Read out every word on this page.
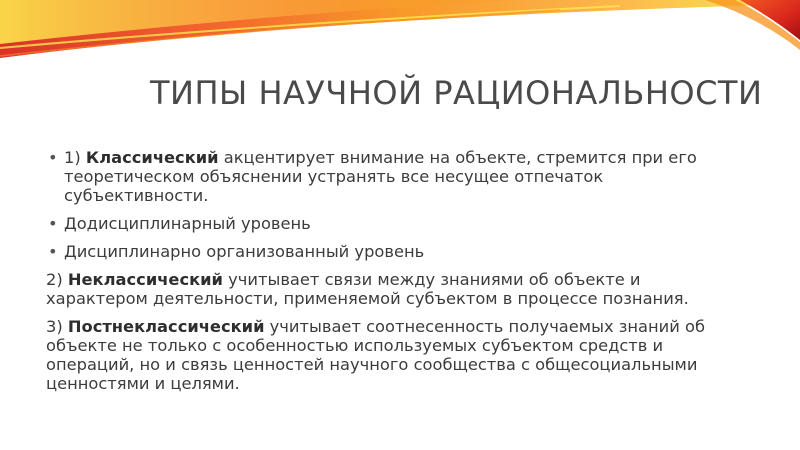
ТИПЫ НАУЧНОЙ РАЦИОНАЛЬНОСТИ
• 1) Классический акцентирует внимание на объекте, стремится при его теоретическом объяснении устранять все несущее отпечаток субъективности.
• Додисциплинарный уровень
• Дисциплинарно организованный уровень
2) Неклассический учитывает связи между знаниями об объекте и характером деятельности, применяемой субъектом в процессе познания.
3) Постнеклассический учитывает соотнесенность получаемых знаний об объекте не только с особенностью используемых субъектом средств и операций, но и связь ценностей научного сообщества с общесоциальными ценностями и целями.
